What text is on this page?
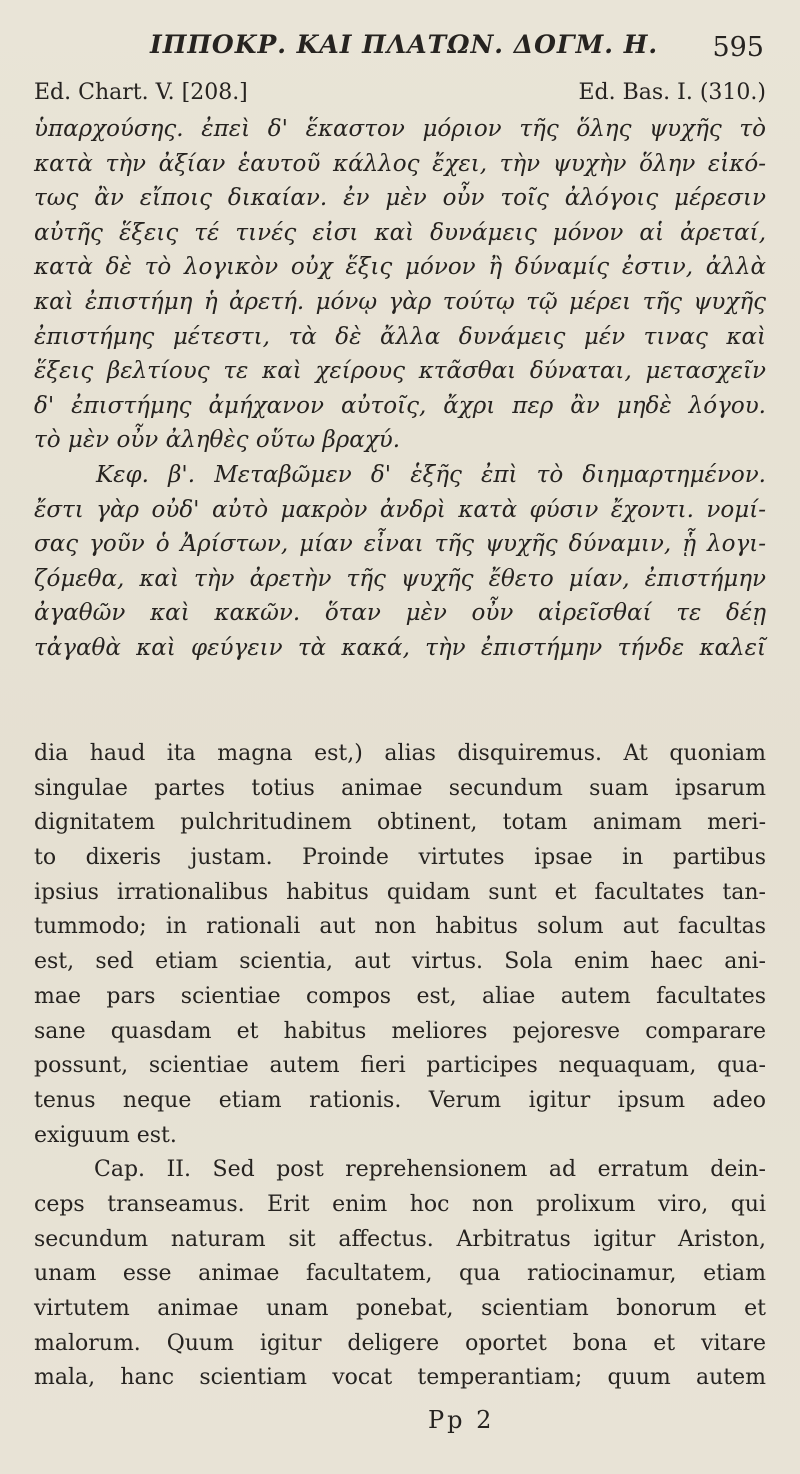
ΙΠΠΟΚΡ. ΚΑΙ ΠΛΑΤΩΝ. ΔΟΓΜ. Η. 595
Ed. Chart. V. [208.]	Ed. Bas. I. (310.)
ὑπαρχούσης. ἐπεὶ δ' ἕκαστον μόριον τῆς ὅλης ψυχῆς τὸ
κατὰ τὴν ἀξίαν ἑαυτοῦ κάλλος ἔχει, τὴν ψυχὴν ὅλην εἰκό-
τως ἂν εἴποις δικαίαν. ἐν μὲν οὖν τοῖς ἀλόγοις μέρεσιν
αὐτῆς ἕξεις τέ τινές εἰσι καὶ δυνάμεις μόνον αἱ ἀρεταί,
κατὰ δὲ τὸ λογικὸν οὐχ ἕξις μόνον ἢ δύναμίς ἐστιν, ἀλλὰ
καὶ ἐπιστήμη ἡ ἀρετή. μόνῳ γὰρ τούτῳ τῷ μέρει τῆς ψυχῆς
ἐπιστήμης μέτεστι, τὰ δὲ ἄλλα δυνάμεις μέν τινας καὶ
ἕξεις βελτίους τε καὶ χείρους κτᾶσθαι δύναται, μετασχεῖν
δ' ἐπιστήμης ἀμήχανον αὐτοῖς, ἄχρι περ ἂν μηδὲ λόγου.
τὸ μὲν οὖν ἀληθὲς οὕτω βραχύ.
Κεφ. β'. Μεταβῶμεν δ' ἑξῆς ἐπὶ τὸ διημαρτημένον.
ἔστι γὰρ οὐδ' αὐτὸ μακρὸν ἀνδρὶ κατὰ φύσιν ἔχοντι. νομί-
σας γοῦν ὁ Ἀρίστων, μίαν εἶναι τῆς ψυχῆς δύναμιν, ᾗ λογι-
ζόμεθα, καὶ τὴν ἀρετὴν τῆς ψυχῆς ἔθετο μίαν, ἐπιστήμην
ἀγαθῶν καὶ κακῶν. ὅταν μὲν οὖν αἱρεῖσθαί τε δέῃ
τἀγαθὰ καὶ φεύγειν τὰ κακά, τὴν ἐπιστήμην τήνδε καλεῖ
dia haud ita magna est,) alias disquiremus. At quoniam
singulae partes totius animae secundum suam ipsarum
dignitatem pulchritudinem obtinent, totam animam meri-
to dixeris justam. Proinde virtutes ipsae in partibus
ipsius irrationalibus habitus quidam sunt et facultates tan-
tummodo; in rationali aut non habitus solum aut facultas
est, sed etiam scientia, aut virtus. Sola enim haec ani-
mae pars scientiae compos est, aliae autem facultates
sane quasdam et habitus meliores pejoresve comparare
possunt, scientiae autem fieri participes nequaquam, qua-
tenus neque etiam rationis. Verum igitur ipsum adeo
exiguum est.
Cap. II. Sed post reprehensionem ad erratum dein-
ceps transeamus. Erit enim hoc non prolixum viro, qui
secundum naturam sit affectus. Arbitratus igitur Ariston,
unam esse animae facultatem, qua ratiocinamur, etiam
virtutem animae unam ponebat, scientiam bonorum et
malorum. Quum igitur deligere oportet bona et vitare
mala, hanc scientiam vocat temperantiam; quum autem
Pp 2
